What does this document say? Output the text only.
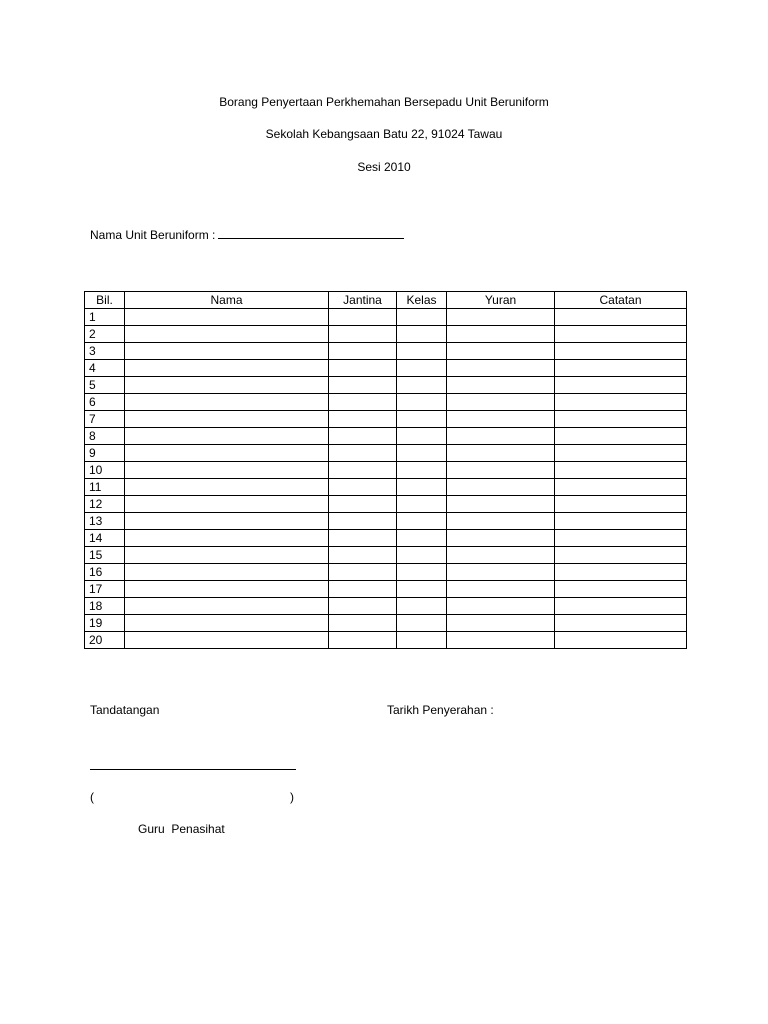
Borang Penyertaan Perkhemahan Bersepadu Unit Beruniform
Sekolah Kebangsaan Batu 22, 91024 Tawau
Sesi 2010
Nama Unit Beruniform :
Bil.	Nama	Jantina	Kelas	Yuran	Catatan
1					
2					
3					
4					
5					
6					
7					
8					
9					
10					
11					
12					
13					
14					
15					
16					
17					
18					
19					
20					
Tandatangan	Tarikh Penyerahan :
(	)
Guru  Penasihat
